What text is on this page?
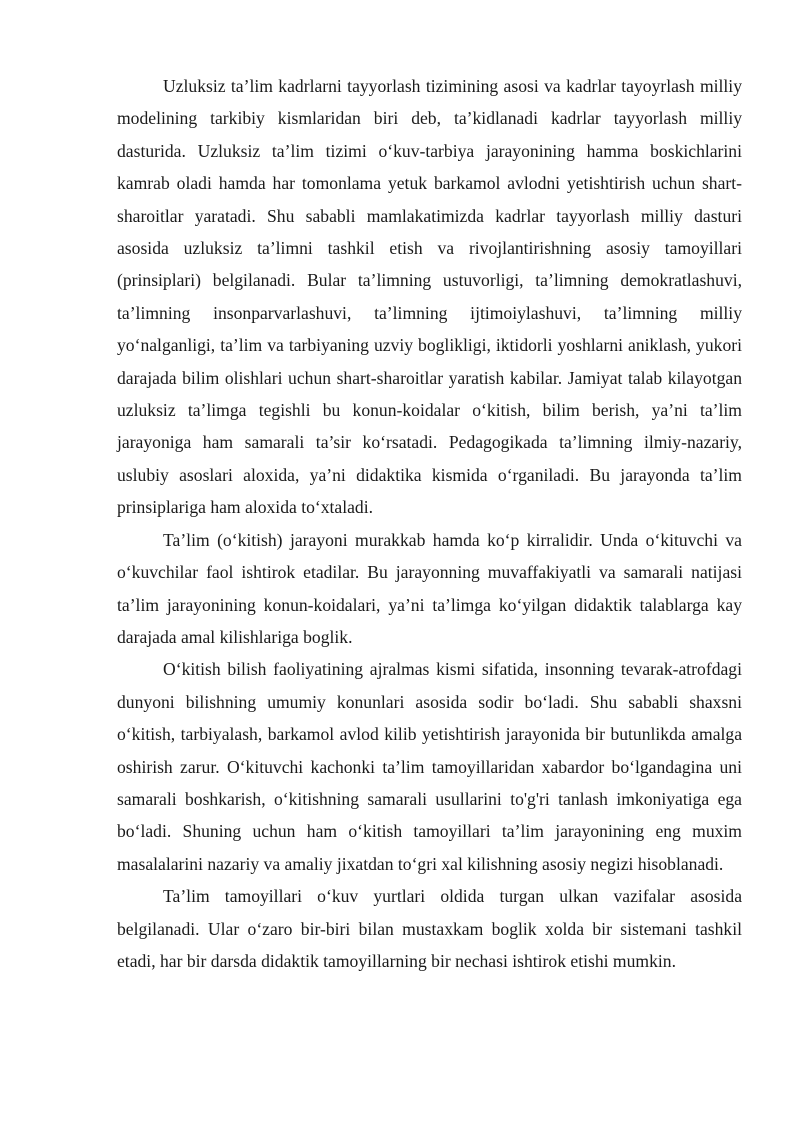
Uzluksiz ta’lim kadrlarni tayyorlash tizimining asosi va kadrlar tayoyrlash milliy modelining tarkibiy kismlaridan biri deb, ta’kidlanadi kadrlar tayyorlash milliy dasturida. Uzluksiz ta’lim tizimi o‘kuv-tarbiya jarayonining hamma boskichlarini kamrab oladi hamda har tomonlama yetuk barkamol avlodni yetishtirish uchun shart-sharoitlar yaratadi. Shu sababli mamlakatimizda kadrlar tayyorlash milliy dasturi asosida uzluksiz ta’limni tashkil etish va rivojlantirishning asosiy tamoyillari (prinsiplari) belgilanadi. Bular ta’limning ustuvorligi, ta’limning demokratlashuvi, ta’limning insonparvarlashuvi, ta’limning ijtimoiylashuvi, ta’limning milliy yo‘nalganligi, ta’lim va tarbiyaning uzviy boglikligi, iktidorli yoshlarni aniklash, yukori darajada bilim olishlari uchun shart-sharoitlar yaratish kabilar. Jamiyat talab kilayotgan uzluksiz ta’limga tegishli bu konun-koidalar o‘kitish, bilim berish, ya’ni ta’lim jarayoniga ham samarali ta’sir ko‘rsatadi. Pedagogikada ta’limning ilmiy-nazariy, uslubiy asoslari aloxida, ya’ni didaktika kismida o‘rganiladi. Bu jarayonda ta’lim prinsiplariga ham aloxida to‘xtaladi.

Ta’lim (o‘kitish) jarayoni murakkab hamda ko‘p kirralidir. Unda o‘kituvchi va o‘kuvchilar faol ishtirok etadilar. Bu jarayonning muvaffakiyatli va samarali natijasi ta’lim jarayonining konun-koidalari, ya’ni ta’limga ko‘yilgan didaktik talablarga kay darajada amal kilishlariga boglik.

O‘kitish bilish faoliyatining ajralmas kismi sifatida, insonning tevarak-atrofdagi dunyoni bilishning umumiy konunlari asosida sodir bo‘ladi. Shu sababli shaxsni o‘kitish, tarbiyalash, barkamol avlod kilib yetishtirish jarayonida bir butunlikda amalga oshirish zarur. O‘kituvchi kachonki ta’lim tamoyillaridan xabardor bo‘lgandagina uni samarali boshkarish, o‘kitishning samarali usullarini to'g'ri tanlash imkoniyatiga ega bo‘ladi. Shuning uchun ham o‘kitish tamoyillari ta’lim jarayonining eng muxim masalalarini nazariy va amaliy jixatdan to‘gri xal kilishning asosiy negizi hisoblanadi.

Ta’lim tamoyillari o‘kuv yurtlari oldida turgan ulkan vazifalar asosida belgilanadi. Ular o‘zaro bir-biri bilan mustaxkam boglik xolda bir sistemani tashkil etadi, har bir darsda didaktik tamoyillarning bir nechasi ishtirok etishi mumkin.
